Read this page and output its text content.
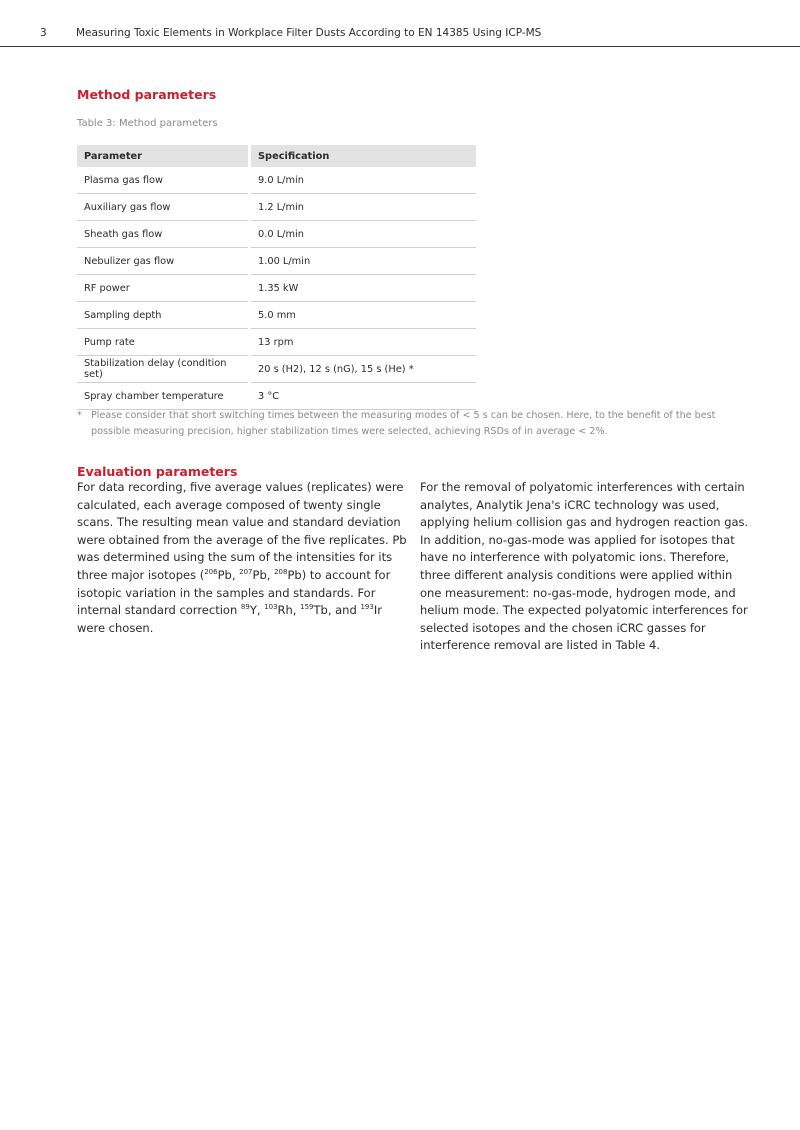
3	Measuring Toxic Elements in Workplace Filter Dusts According to EN 14385 Using ICP-MS
Method parameters
Table 3: Method parameters
Parameter	Specification
Plasma gas flow	9.0 L/min
Auxiliary gas flow	1.2 L/min
Sheath gas flow	0.0 L/min
Nebulizer gas flow	1.00 L/min
RF power	1.35 kW
Sampling depth	5.0 mm
Pump rate	13 rpm
Stabilization delay (condition set)	20 s (H2), 12 s (nG), 15 s (He) *
Spray chamber temperature	3 °C
* Please consider that short switching times between the measuring modes of < 5 s can be chosen. Here, to the benefit of the best possible measuring precision, higher stabilization times were selected, achieving RSDs of in average < 2%.
Evaluation parameters

For data recording, five average values (replicates) were calculated, each average composed of twenty single scans. The resulting mean value and standard deviation were obtained from the average of the five replicates. Pb was determined using the sum of the intensities for its three major isotopes ($^{206}$Pb, $^{207}$Pb, $^{208}$Pb) to account for isotopic variation in the samples and standards. For internal standard correction $^{89}$Y, $^{103}$Rh, $^{159}$Tb, and $^{193}$Ir were chosen.

For the removal of polyatomic interferences with certain analytes, Analytik Jena's iCRC technology was used, applying helium collision gas and hydrogen reaction gas. In addition, no-gas-mode was applied for isotopes that have no interference with polyatomic ions. Therefore, three different analysis conditions were applied within one measurement: no-gas-mode, hydrogen mode, and helium mode. The expected polyatomic interferences for selected isotopes and the chosen iCRC gasses for interference removal are listed in Table 4.
